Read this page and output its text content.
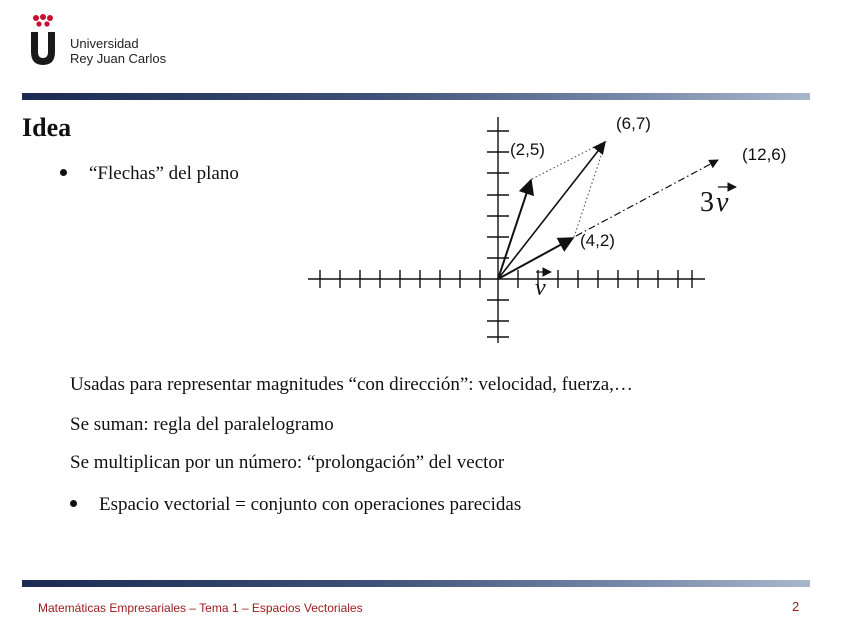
Universidad
Rey Juan Carlos
Idea
“Flechas” del plano
(2,5)
(6,7)
(12,6)
(4,2)
v
3 v
Usadas para representar magnitudes “con dirección”: velocidad, fuerza,…
Se suman: regla del paralelogramo
Se multiplican por un número: “prolongación” del vector
Espacio vectorial = conjunto con operaciones parecidas
Matemáticas Empresariales – Tema 1 – Espacios Vectoriales	2
